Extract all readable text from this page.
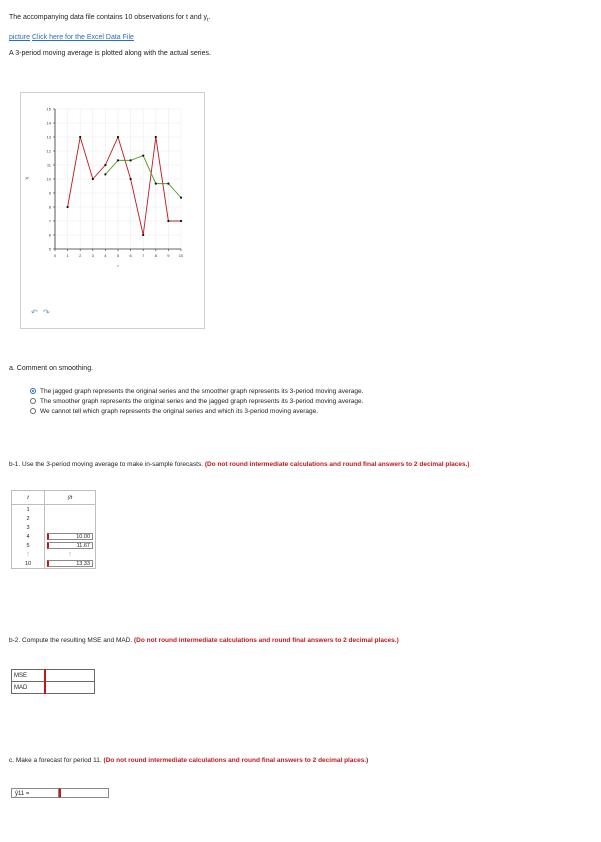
The accompanying data file contains 10 observations for t and $y_t$.
picture Click here for the Excel Data File
A 3-period moving average is plotted along with the actual series.
0	1	2	3	4	5	6	7	8	9 10
5
6
7
8
9
10
11
12
13
14
15
t
yt
↶ ↷
a. Comment on smoothing.
The jagged graph represents the original series and the smoother graph represents its 3-period moving average.
The smoother graph represents the original series and the jagged graph represents its 3-period moving average.
We cannot tell which graph represents the original series and which its 3-period moving average.
b-1. Use the 3-period moving average to make in-sample forecasts. (Do not round intermediate calculations and round final answers to 2 decimal places.)
t	ŷt
1	
2	
3	
4	10.00

5	11.67

⋮	⋮
10	13.33
b-2. Compute the resulting MSE and MAD. (Do not round intermediate calculations and round final answers to 2 decimal places.)
MSE	
MAD	
c. Make a forecast for period 11. (Do not round intermediate calculations and round final answers to 2 decimal places.)
ŷ11 =
